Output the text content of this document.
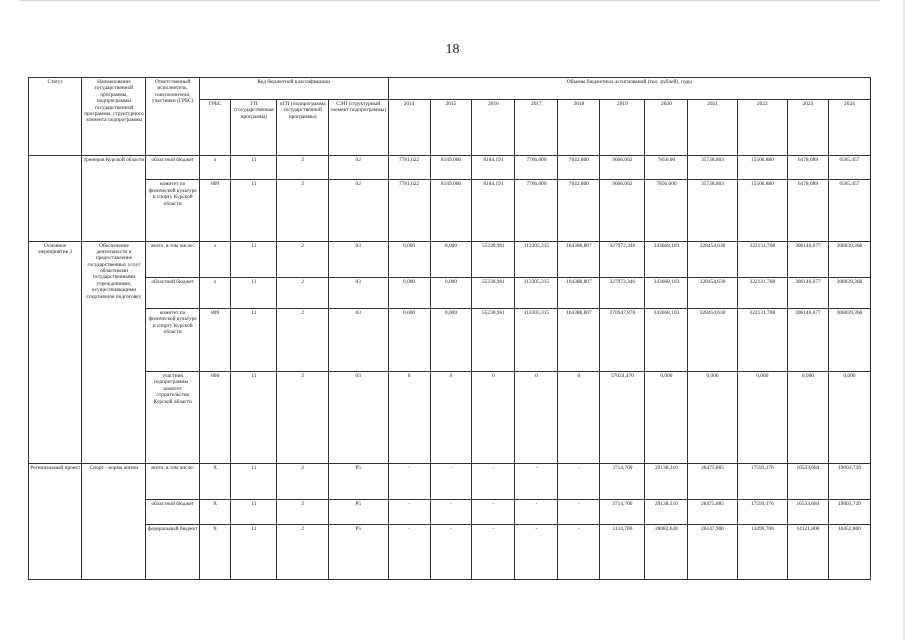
18
Статус	Наименование государственной программы, подпрограммы государственной программы, структурного элемента подпрограммы	Ответственный исполнитель, соисполнители, участники (ГРБС)	Код бюджетной классификации				Объемы бюджетных ассигнований (тыс. рублей), годы										
			ГРБС	ГП (государственная программа)	пГП (подпрограмма государственной программы)	СЭП (структурный элемент подпрограммы)	2014	2015	2016	2017	2018	2019	2020	2021	2022	2023	2024
	тренеров Курской области	областной бюджет	х	11	2	02	7781,622	8149,000	8184,191	7706,000	7642,800	9606,062	7856,00	35738,803	15506,880	6478,689	6505,457
		комитет по физической культуре и спорту Курской области	809	11	2	02	7781,622	8149,000	8184,191	7706,000	7642,800	9606,062	7856,000	35738,803	15506,880	6478,689	6505,457
Основное мероприятие 3	Обеспечение деятельности и предоставление государственных услуг областными государственными учреждениями, осуществляющими спортивную подготовку	всего, в том числе:	х	11	2	03	0,000	0,000	55230,961	113305,315	164388,807	327972,346	343668,103	328454,630	322131,708	306146,677	308039,368
		областной бюджет	х	11	2	03	0,000	0,000	55230,961	113305,315	164388,807	327972,346	343668,103	328454,630	322131,708	306146,677	308039,368
		комитет по физической культуре и спорту Курской области	809	11	2	03	0,000	0,000	55230,961	113305,315	164388,807	270947,876	343668,103	328454,630	322131,708	306146,677	308039,368
		участник подпрограммы - комитет строительства Курской области	808	11	2	03	0	0	0	0	0	57024,470	0,000	0,000	0,000	0,000	0,000
Региональный проект	Спорт - норма жизни	всего, в том числе:	Х	11	2	P5	-	-	-	-	-	3714,700	29138,310	28475,885	17593,176	16533,684	19003,729
		областной бюджет	Х	11	2	P5	-	-	-	-	-	3714,700	29138,310	28475,885	17593,176	16533,684	19003,729
		федеральный бюджет	Х	11	2	P5	-	-	-	-	-	3114,700	28082,628	26147,900	13499,700	14121,800	16452,800
